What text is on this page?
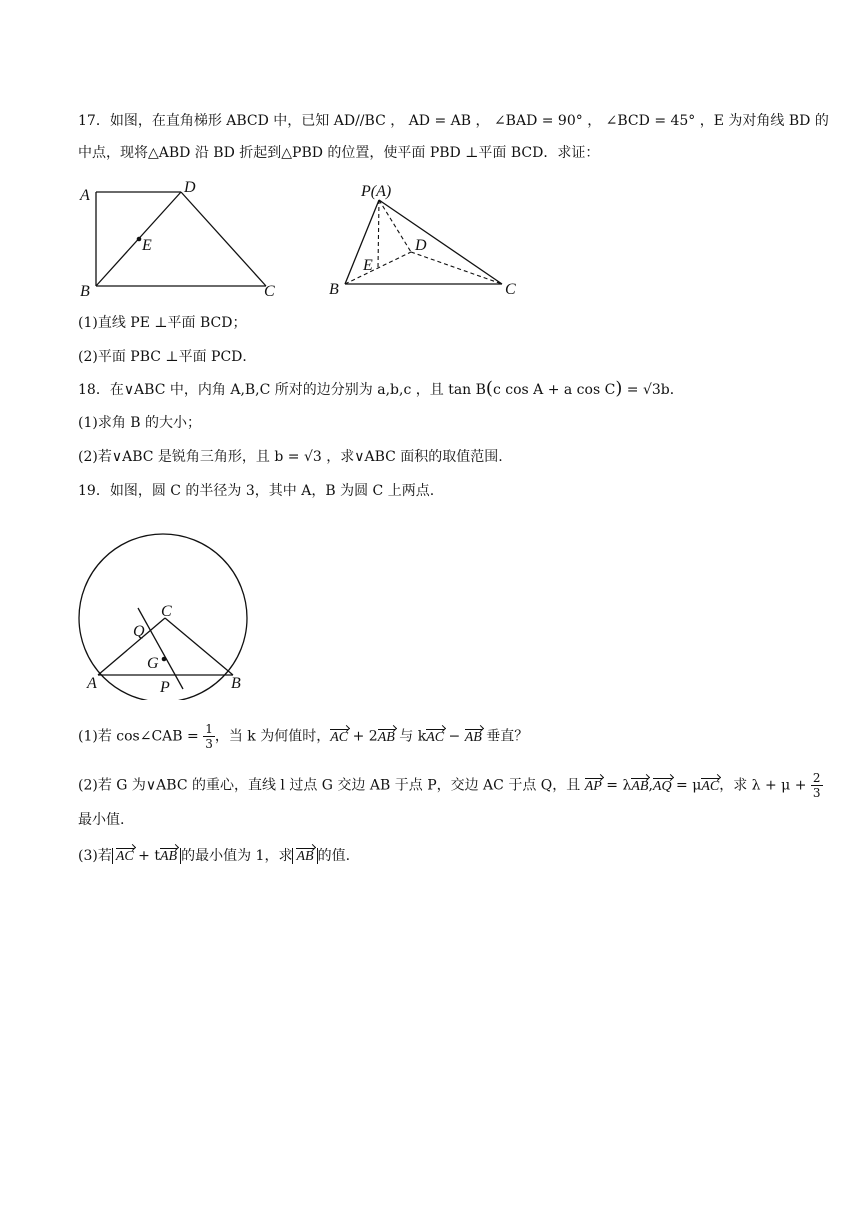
17．如图，在直角梯形 ABCD 中，已知 AD//BC ， AD = AB ， ∠BAD = 90° ， ∠BCD = 45° ，E 为对角线 BD 的
中点，现将△ABD 沿 BD 折起到△PBD 的位置，使平面 PBD ⊥平面 BCD．求证：
A	D
E
B	C
P(A)
D
E
B	C
(1)直线 PE ⊥平面 BCD；
(2)平面 PBC ⊥平面 PCD．
18．在∨ABC 中，内角 A,B,C 所对的边分别为 a,b,c ，且 tan B(c cos A + a cos C) = √3b．
(1)求角 B 的大小；
(2)若∨ABC 是锐角三角形，且 b = √3 ，求∨ABC 面积的取值范围.
19．如图，圆 C 的半径为 3，其中 A，B 为圆 C 上两点.
C
Q
G
A	P	B
(1)若 cos∠CAB = $\frac{1}{3}$ ，当 k 为何值时，AC + 2AB 与 kAC − AB 垂直？
(2)若 G 为∨ABC 的重心，直线 l 过点 G 交边 AB 于点 P，交边 AC 于点 Q，且 AP = λAB,AQ = μAC，求 $\lambda + \mu + \frac{2}{3}$
最小值.
(3)若 AC + tAB 的最小值为 1，求 AB 的值.
